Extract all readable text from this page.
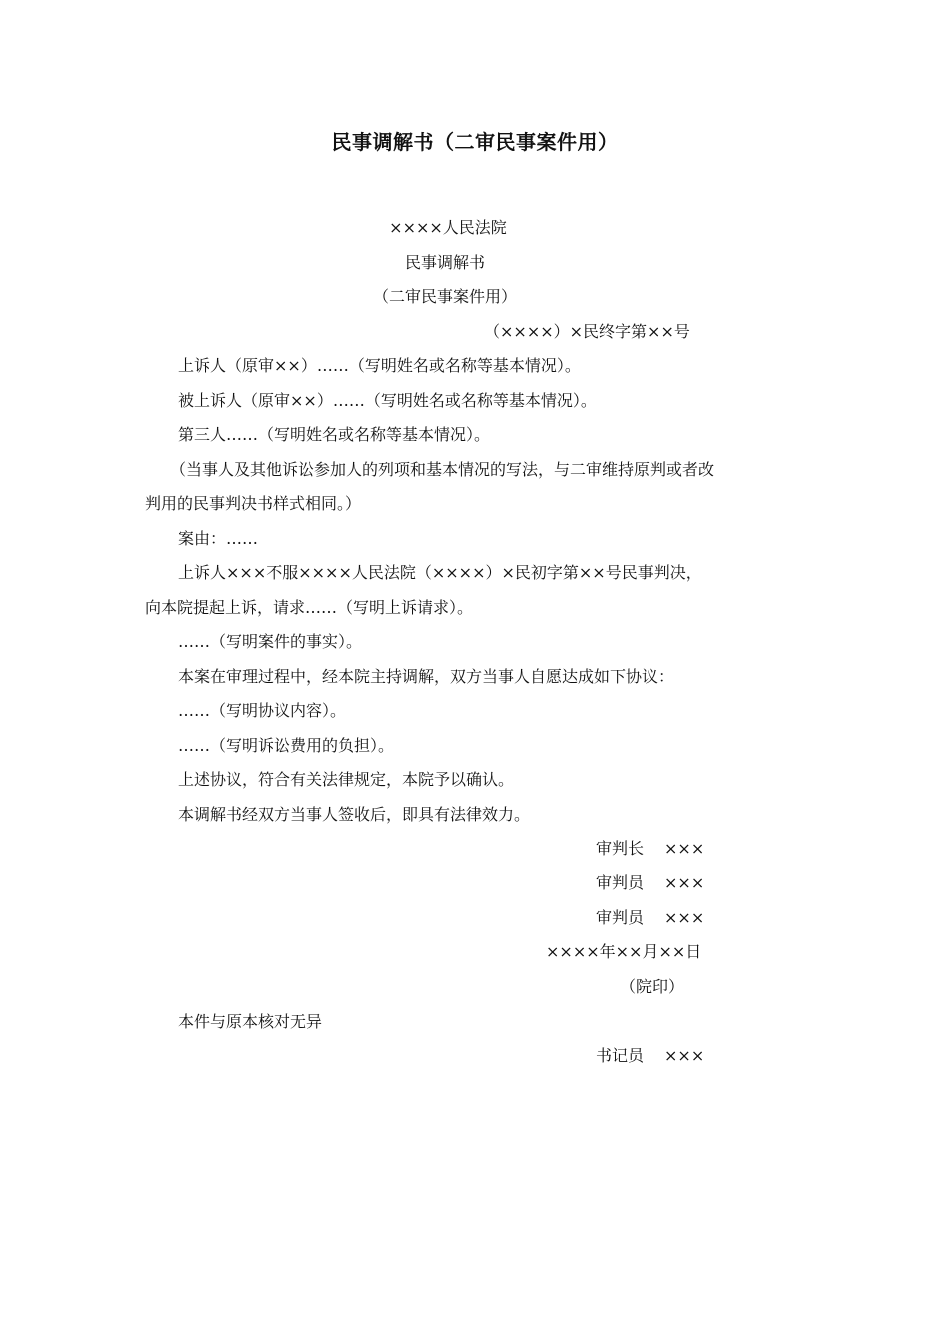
民事调解书（二审民事案件用）
××××人民法院
民事调解书
（二审民事案件用）
（××××）×民终字第××号
上诉人（原审××）……（写明姓名或名称等基本情况）。
被上诉人（原审××）……（写明姓名或名称等基本情况）。
第三人……（写明姓名或名称等基本情况）。
（当事人及其他诉讼参加人的列项和基本情况的写法，与二审维持原判或者改
判用的民事判决书样式相同。）
案由：……
上诉人×××不服××××人民法院（××××）×民初字第××号民事判决，
向本院提起上诉，请求……（写明上诉请求）。
……（写明案件的事实）。
本案在审理过程中，经本院主持调解，双方当事人自愿达成如下协议：
……（写明协议内容）。
……（写明诉讼费用的负担）。
上述协议，符合有关法律规定，本院予以确认。
本调解书经双方当事人签收后，即具有法律效力。
审判长 ×××
审判员 ×××
审判员 ×××
××××年××月××日
（院印）
本件与原本核对无异
书记员 ×××
